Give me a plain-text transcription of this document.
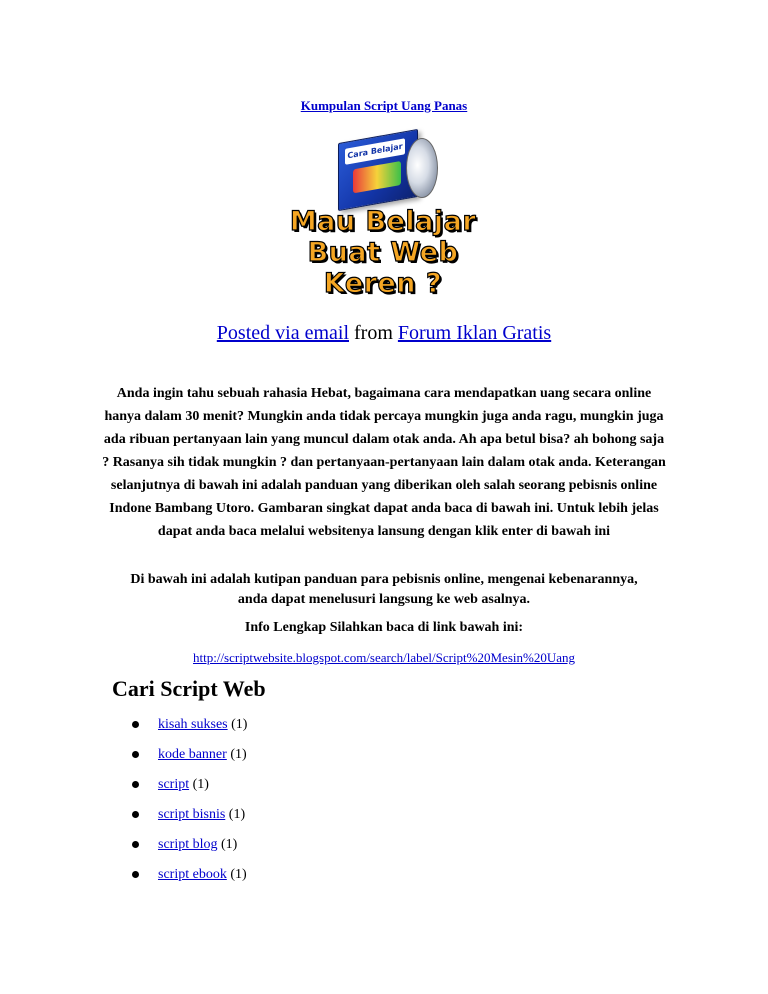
Kumpulan Script Uang Panas
Cara Belajar
Mau Belajar
Buat Web
Keren ?
Posted via email from Forum Iklan Gratis
Anda ingin tahu sebuah rahasia Hebat, bagaimana cara mendapatkan uang secara online hanya dalam 30 menit? Mungkin anda tidak percaya mungkin juga anda ragu, mungkin juga ada ribuan pertanyaan lain yang muncul dalam otak anda. Ah apa betul bisa? ah bohong saja ? Rasanya sih tidak mungkin ? dan pertanyaan-pertanyaan lain dalam otak anda. Keterangan selanjutnya di bawah ini adalah panduan yang diberikan oleh salah seorang pebisnis online Indone Bambang Utoro. Gambaran singkat dapat anda baca di bawah ini. Untuk lebih jelas dapat anda baca melalui websitenya lansung dengan klik enter di bawah ini
Di bawah ini adalah kutipan panduan para pebisnis online, mengenai kebenarannya, anda dapat menelusuri langsung ke web asalnya.
Info Lengkap Silahkan baca di link bawah ini:
http://scriptwebsite.blogspot.com/search/label/Script%20Mesin%20Uang
Cari Script Web
kisah sukses (1)
kode banner (1)
script (1)
script bisnis (1)
script blog (1)
script ebook (1)
